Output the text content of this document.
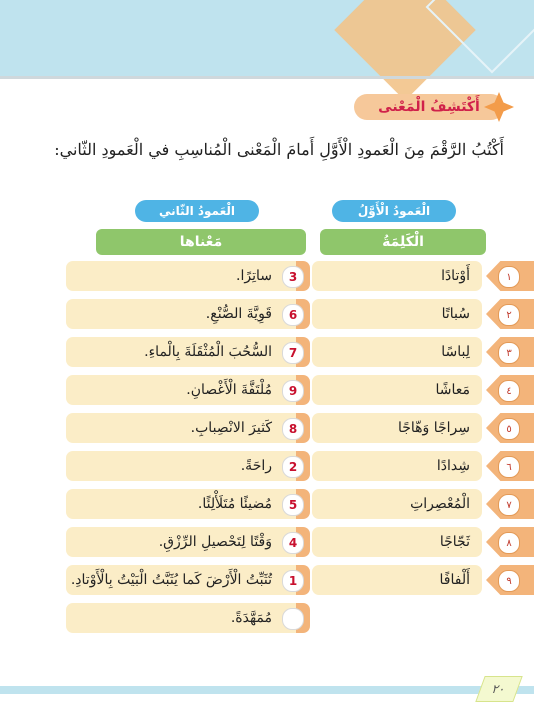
أَكْتَشِفُ الْمَعْنى
أَكْتُبُ الرَّقْمَ مِنَ الْعَمودِ الْأَوَّلِ أَمامَ الْمَعْنى الْمُناسِبِ في الْعَمودِ الثّاني:
الْعَمودُ الْأَوَّلُ
الْعَمودُ الثّاني
الْكَلِمَةُ
مَعْناها
أَوْتادًا	١
سُباتًا	٢
لِباسًا	٣
مَعاشًا	٤
سِراجًا وَهّاجًا	٥
شِدادًا	٦
الْمُعْصِراتِ	٧
ثَجّاجًا	٨
أَلْفافًا	٩
ساتِرًا.	3
قَوِيَّةَ الصُّنْعِ.	6
السُّحُبَ الْمُثْقَلَةَ بِالْماءِ.	7
مُلْتَفَّةَ الْأَغْصانِ.	9
كَثيرَ الانْصِبابِ.	8
راحَةً.	2
مُضيئًا مُتَلَأْلِئًا.	5
وَقْتًا لِتَحْصيلِ الرِّزْقِ.	4
تُثَبِّتُ الْأَرْضَ كَما يُثَبَّتُ الْبَيْتُ بِالْأَوْتادِ.	1
مُمَهَّدَةً.
٢٠
